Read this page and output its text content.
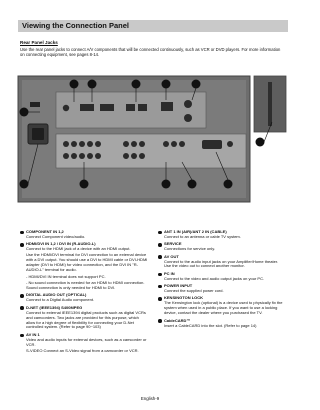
Viewing the Connection Panel
Rear Panel Jacks
Use the rear panel jacks to connect A/V components that will be connected continuously, such as VCR or DVD players. For more information on connecting equipment, see pages 8-14.
COMPONENT IN 1,2
Connect Component video/audio.
HDMI/DVI IN 1,2 / DVI IN (R-AUDIO-L)
Connect to the HDMI jack of a device with an HDMI output.
Use the HDMI/DVI terminal for DVI connection to an external device with a DVI output. You should use a DVI to HDMI cable or DVI-HDMI adapter (DVI to HDMI) for video connection, and the DVI IN "R-AUDIO-L" terminal for audio.
- HDMI/DVI IN terminal does not support PC.
- No sound connection is needed for an HDMI to HDMI connection. Sound connection is only needed for HDMI to DVI.
DIGITAL AUDIO OUT (OPTICAL)
Connect to a Digital Audio component.
D-NET (IEEE1394) S400MPEG
Connect to external IEEE1394 digital products such as digital VCRs and camcorders. Two jacks are provided for this purpose, which allow for a high degree of flexibility for connecting your D-Net controlled system. (Refer to page 90~103)
AV IN 1
Video and audio inputs for external devices, such as a camcorder or VCR.
S-VIDEO Connect an S-Video signal from a camcorder or VCR.
ANT 1 IN (AIR)/ANT 2 IN (CABLE)
Connect to an antenna or cable TV system.
SERVICE
Connections for service only.
AV OUT
Connect to the audio input jacks on your Amplifier/Home theater. Use the video out to connect another monitor.
PC IN
Connect to the video and audio output jacks on your PC.
POWER INPUT
Connect the supplied power cord.
KENSINGTON LOCK
The Kensington lock (optional) is a device used to physically fix the system when used in a public place. If you want to use a locking device, contact the dealer where you purchased the TV.
CableCARD™
Insert a CableCARD into the slot. (Refer to page 14)
English-9
